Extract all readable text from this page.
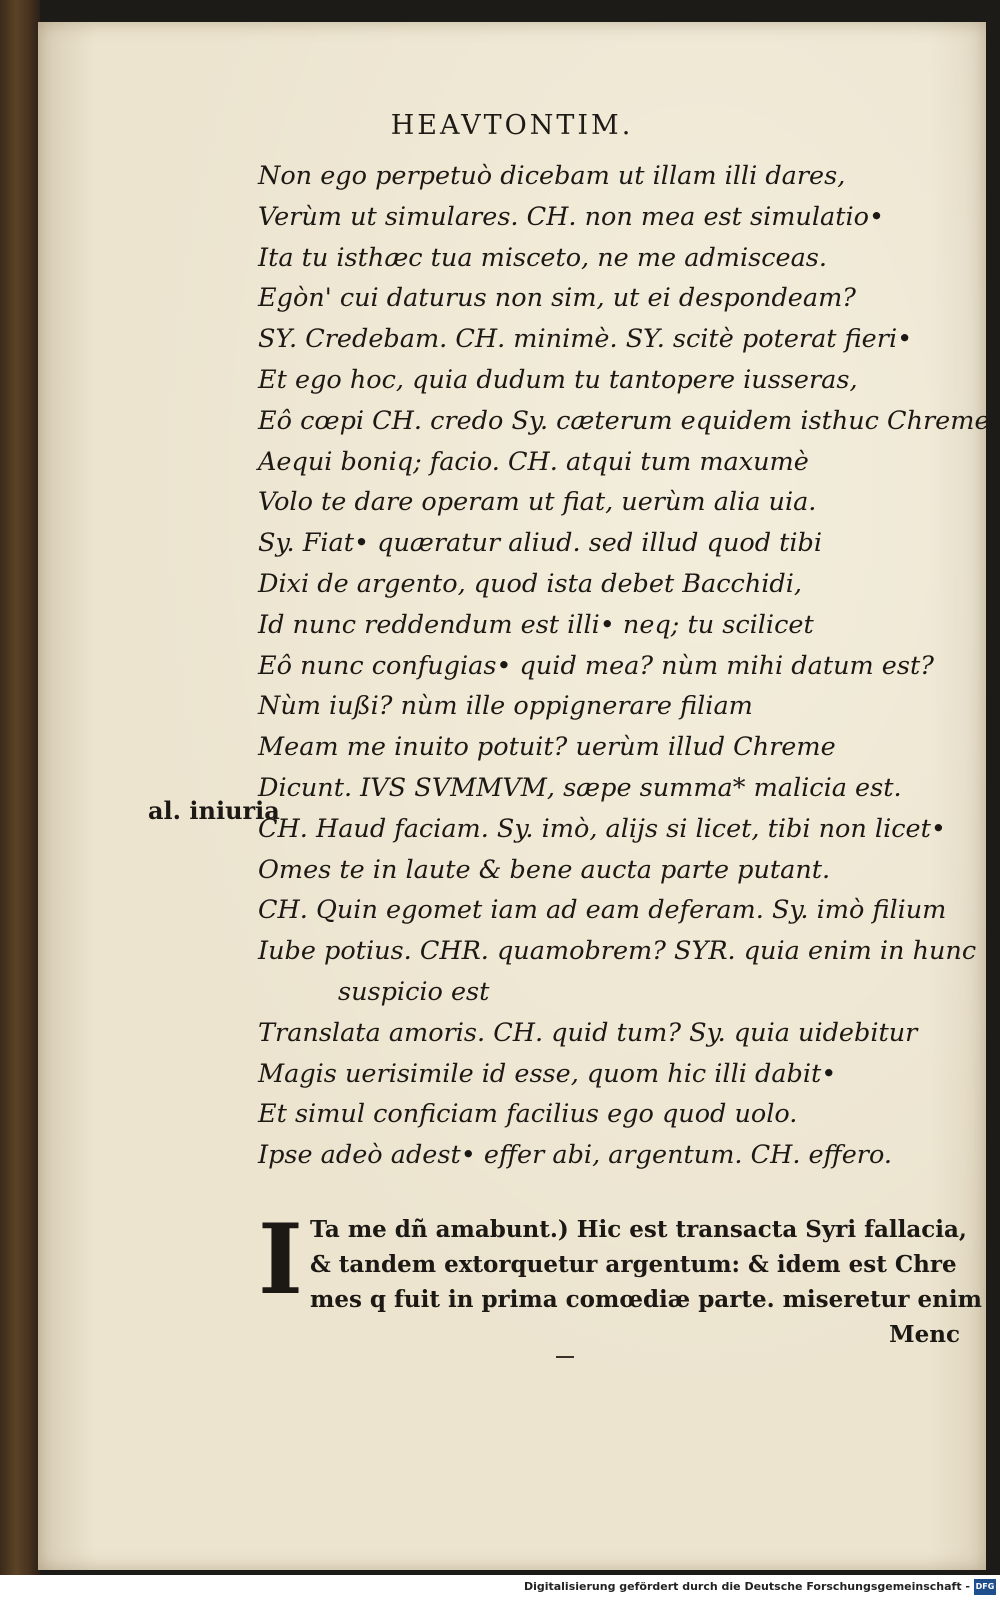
HEAVTONTIM.
Non ego perpetuò dicebam ut illam illi dares,
Verùm ut simulares. CH. non mea est simulatio•
Ita tu isthæc tua misceto, ne me admisceas.
Egòn' cui daturus non sim, ut ei despondeam?
SY. Credebam. CH. minimè. SY. scitè poterat fieri•
Et ego hoc, quia dudum tu tantopere iusseras,
Eô cœpi CH. credo Sy. cæterum equidem isthuc Chreme
Aequi boniq; facio. CH. atqui tum maxumè
Volo te dare operam ut fiat, uerùm alia uia.
Sy. Fiat• quæratur aliud. sed illud quod tibi
Dixi de argento, quod ista debet Bacchidi,
Id nunc reddendum est illi• neq; tu scilicet
Eô nunc confugias• quid mea? nùm mihi datum est?
Nùm iußi? nùm ille oppignerare filiam
Meam me inuito potuit? uerùm illud Chreme
Dicunt. IVS SVMMVM, sæpe summa* malicia est.
CH. Haud faciam. Sy. imò, alijs si licet, tibi non licet•
Omes te in laute & bene aucta parte putant.
CH. Quin egomet iam ad eam deferam. Sy. imò filium
Iube potius. CHR. quamobrem? SYR. quia enim in hunc
suspicio est
Translata amoris. CH. quid tum? Sy. quia uidebitur
Magis uerisimile id esse, quom hic illi dabit•
Et simul conficiam facilius ego quod uolo.
Ipse adeò adest• effer abi, argentum. CH. effero.
al. iniuria
I Ta me dñ amabunt.) Hic est transacta Syri fallacia,
& tandem extorquetur argentum: & idem est Chre
mes q fuit in prima comœdiæ parte. miseretur enim
Menc
Digitalisierung gefördert durch die Deutsche Forschungsgemeinschaft - DFG
